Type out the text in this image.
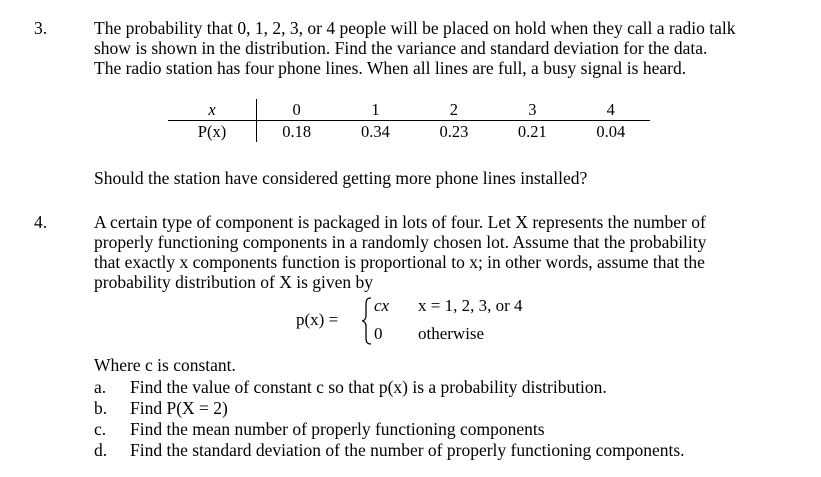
3.	The probability that 0, 1, 2, 3, or 4 people will be placed on hold when they call a radio talk
show is shown in the distribution. Find the variance and standard deviation for the data.
The radio station has four phone lines. When all lines are full, a busy signal is heard.
x	0	1	2	3	4
P(x)	0.18	0.34	0.23	0.21	0.04
Should the station have considered getting more phone lines installed?
4.	A certain type of component is packaged in lots of four. Let X represents the number of
properly functioning components in a randomly chosen lot. Assume that the probability
that exactly x components function is proportional to x; in other words, assume that the
probability distribution of X is given by
p(x) =
cx x = 1, 2, 3, or 4
0 otherwise
Where c is constant.
a.	Find the value of constant c so that p(x) is a probability distribution.
b.	Find P(X = 2)
c.	Find the mean number of properly functioning components
d.	Find the standard deviation of the number of properly functioning components.
